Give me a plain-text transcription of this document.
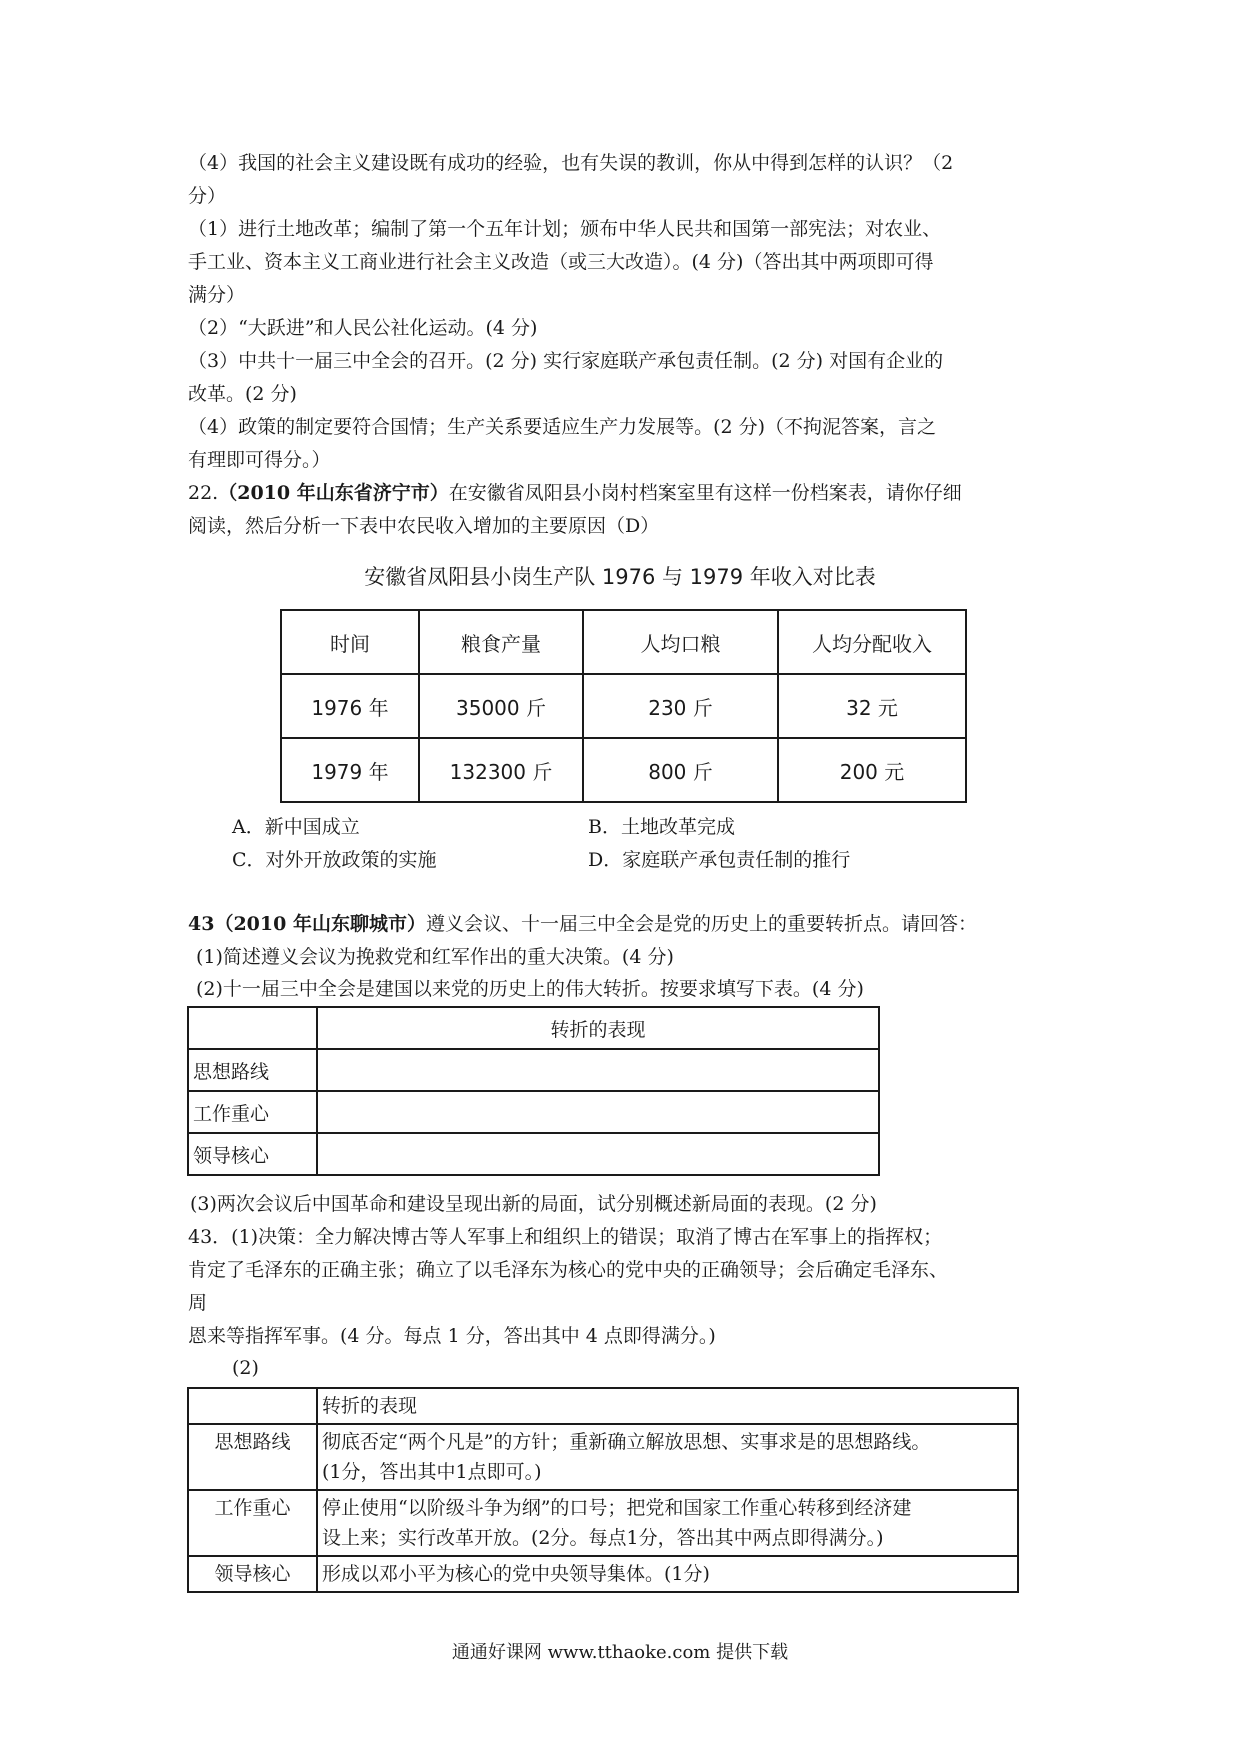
（4）我国的社会主义建设既有成功的经验，也有失误的教训，你从中得到怎样的认识？（2
分）
（1）进行土地改革；编制了第一个五年计划；颁布中华人民共和国第一部宪法；对农业、
手工业、资本主义工商业进行社会主义改造（或三大改造）。(4 分)（答出其中两项即可得
满分）
（2）“大跃进”和人民公社化运动。(4 分)
（3）中共十一届三中全会的召开。(2 分) 实行家庭联产承包责任制。(2 分) 对国有企业的
改革。(2 分)
（4）政策的制定要符合国情；生产关系要适应生产力发展等。(2 分)（不拘泥答案，言之
有理即可得分。）
22.（2010 年山东省济宁市）在安徽省凤阳县小岗村档案室里有这样一份档案表，请你仔细
阅读，然后分析一下表中农民收入增加的主要原因（D）
安徽省凤阳县小岗生产队 1976 与 1979 年收入对比表
时间	粮食产量	人均口粮	人均分配收入
1976 年	35000 斤	230 斤	32 元
1979 年	132300 斤	800 斤	200 元
A．新中国成立	B．土地改革完成
C．对外开放政策的实施	D．家庭联产承包责任制的推行
43（2010 年山东聊城市）遵义会议、十一届三中全会是党的历史上的重要转折点。请回答：
(1)简述遵义会议为挽救党和红军作出的重大决策。(4 分)
(2)十一届三中全会是建国以来党的历史上的伟大转折。按要求填写下表。(4 分)
	转折的表现
思想路线	
工作重心	
领导核心	
(3)两次会议后中国革命和建设呈现出新的局面，试分别概述新局面的表现。(2 分)
43．(1)决策：全力解决博古等人军事上和组织上的错误；取消了博古在军事上的指挥权；
肯定了毛泽东的正确主张；确立了以毛泽东为核心的党中央的正确领导；会后确定毛泽东、
周
恩来等指挥军事。(4 分。每点 1 分，答出其中 4 点即得满分。)
(2)
	转折的表现
思想路线	彻底否定“两个凡是”的方针；重新确立解放思想、实事求是的思想路线。
(1分，答出其中1点即可。)

工作重心	停止使用“以阶级斗争为纲”的口号；把党和国家工作重心转移到经济建
设上来；实行改革开放。(2分。每点1分，答出其中两点即得满分。)

领导核心	形成以邓小平为核心的党中央领导集体。(1分)
通通好课网 www.tthaoke.com 提供下载
